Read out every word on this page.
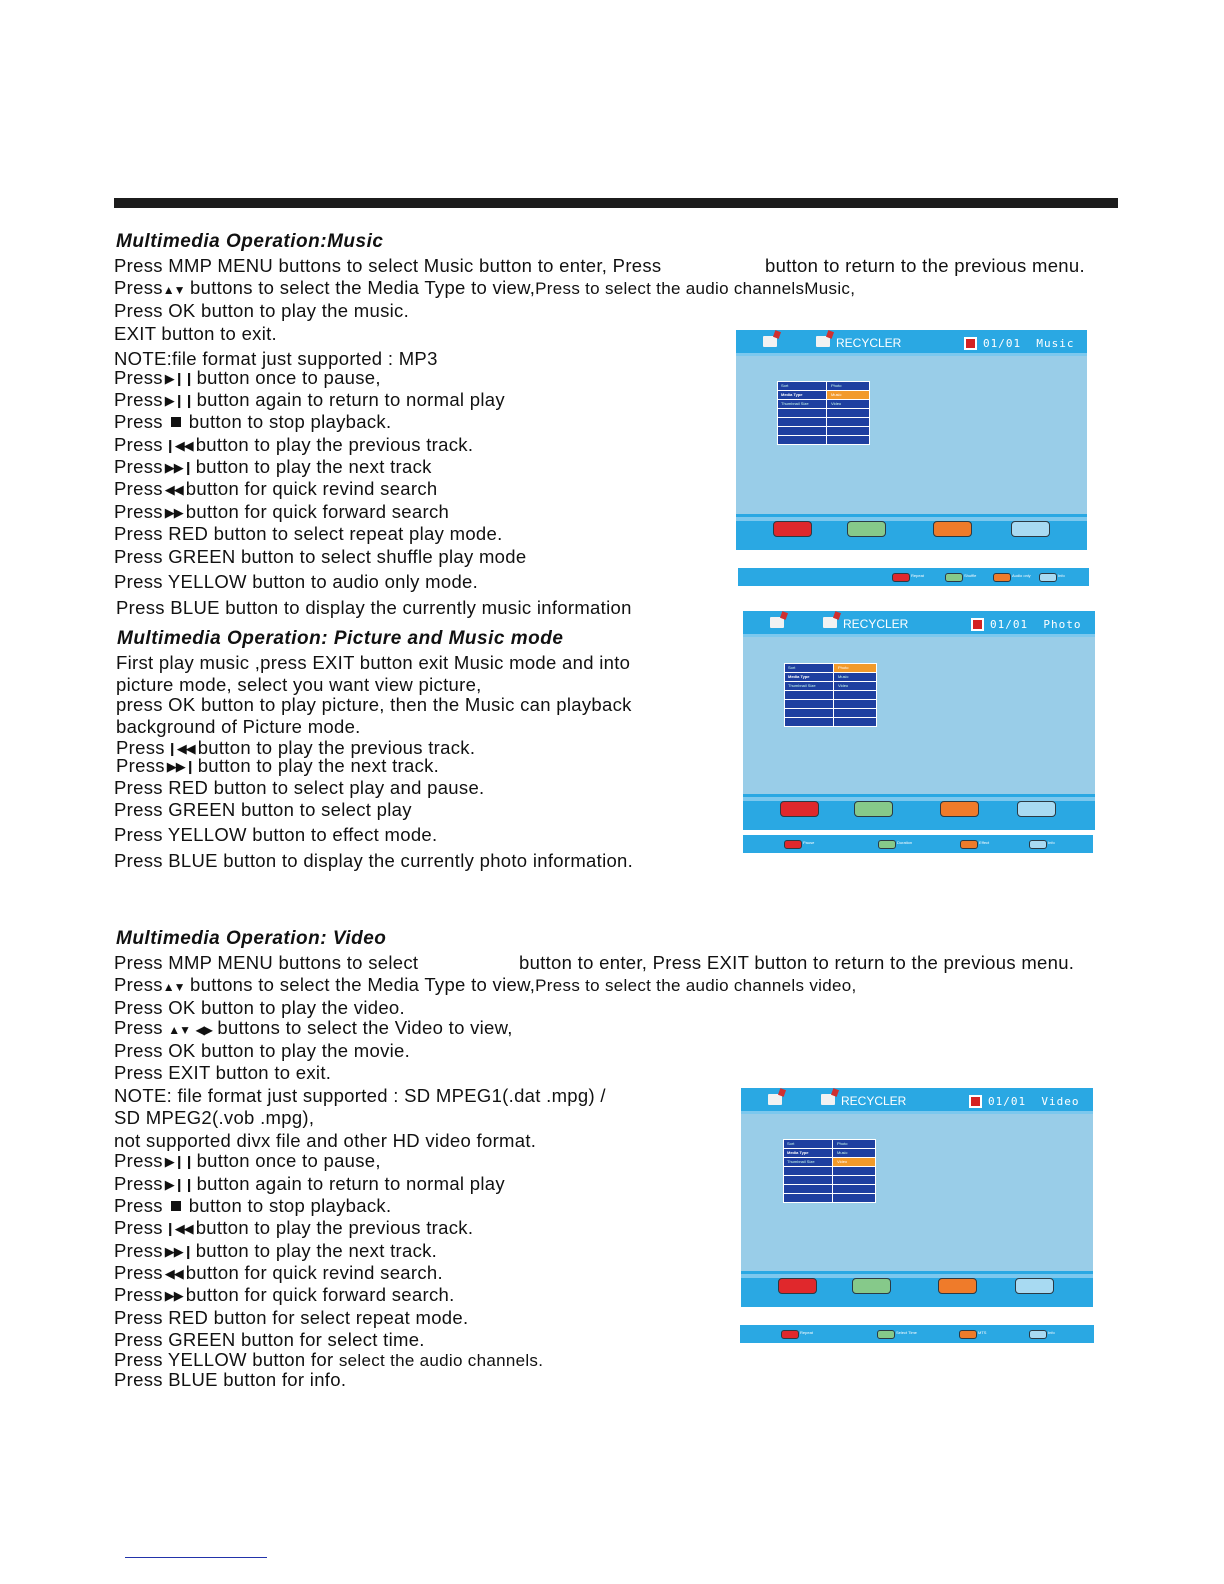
Multimedia Operation:Music
Press MMP MENU buttons to select Music button to enter, Press	button to return to the previous menu.
Press▲▼ buttons to select the Media Type to view,Press to select the audio channelsMusic,
Press OK button to play the music.
EXIT button to exit.
NOTE:file format just supported : MP3
Press ▶❙❙ button once to pause,
Press ▶❙❙ button again to return to normal play
Press button to stop playback.
Press ❙◀◀ button to play the previous track.
Press ▶▶❙ button to play the next track
Press ◀◀ button for quick revind search
Press ▶▶ button for quick forward search
Press RED button to select repeat play mode.
Press GREEN button to select shuffle play mode
Press YELLOW button to audio only mode.
Press BLUE button to display the currently music information
RECYCLER	01/01 Music
Sort	Photo
Media Type	Music
Thumbnail Size	Video
Repeat	Shuffle	Audio only	Info
Multimedia Operation: Picture and Music mode
First play music ,press EXIT button exit Music mode and into
picture mode, select you want view picture,
press OK button to play picture, then the Music can playback
background of Picture mode.
Press ❙◀◀ button to play the previous track.
Press ▶▶❙ button to play the next track.
Press RED button to select play and pause.
Press GREEN button to select play
Press YELLOW button to effect mode.
Press BLUE button to display the currently photo information.
RECYCLER	01/01 Photo
Sort	Photo
Media Type	Music
Thumbnail Size	Video
Pause	Duration	Effect	Info
Multimedia Operation: Video
Press MMP MENU buttons to select	button to enter, Press EXIT button to return to the previous menu.
Press▲▼ buttons to select the Media Type to view,Press to select the audio channels video,
Press OK button to play the video.
Press ▲▼ ◀▶ buttons to select the Video to view,
Press OK button to play the movie.
Press EXIT button to exit.
NOTE: file format just supported : SD MPEG1(.dat .mpg) /
SD MPEG2(.vob .mpg),
not supported divx file and other HD video format.
Press ▶❙❙ button once to pause,
Press ▶❙❙ button again to return to normal play
Press button to stop playback.
Press ❙◀◀ button to play the previous track.
Press ▶▶❙ button to play the next track.
Press ◀◀ button for quick revind search.
Press ▶▶ button for quick forward search.
Press RED button for select repeat mode.
Press GREEN button for select time.
Press YELLOW button for select the audio channels.
Press BLUE button for info.
RECYCLER	01/01 Video
Sort	Photo
Media Type	Music
Thumbnail Size	Video
Repeat	Select Time	MTS	Info
